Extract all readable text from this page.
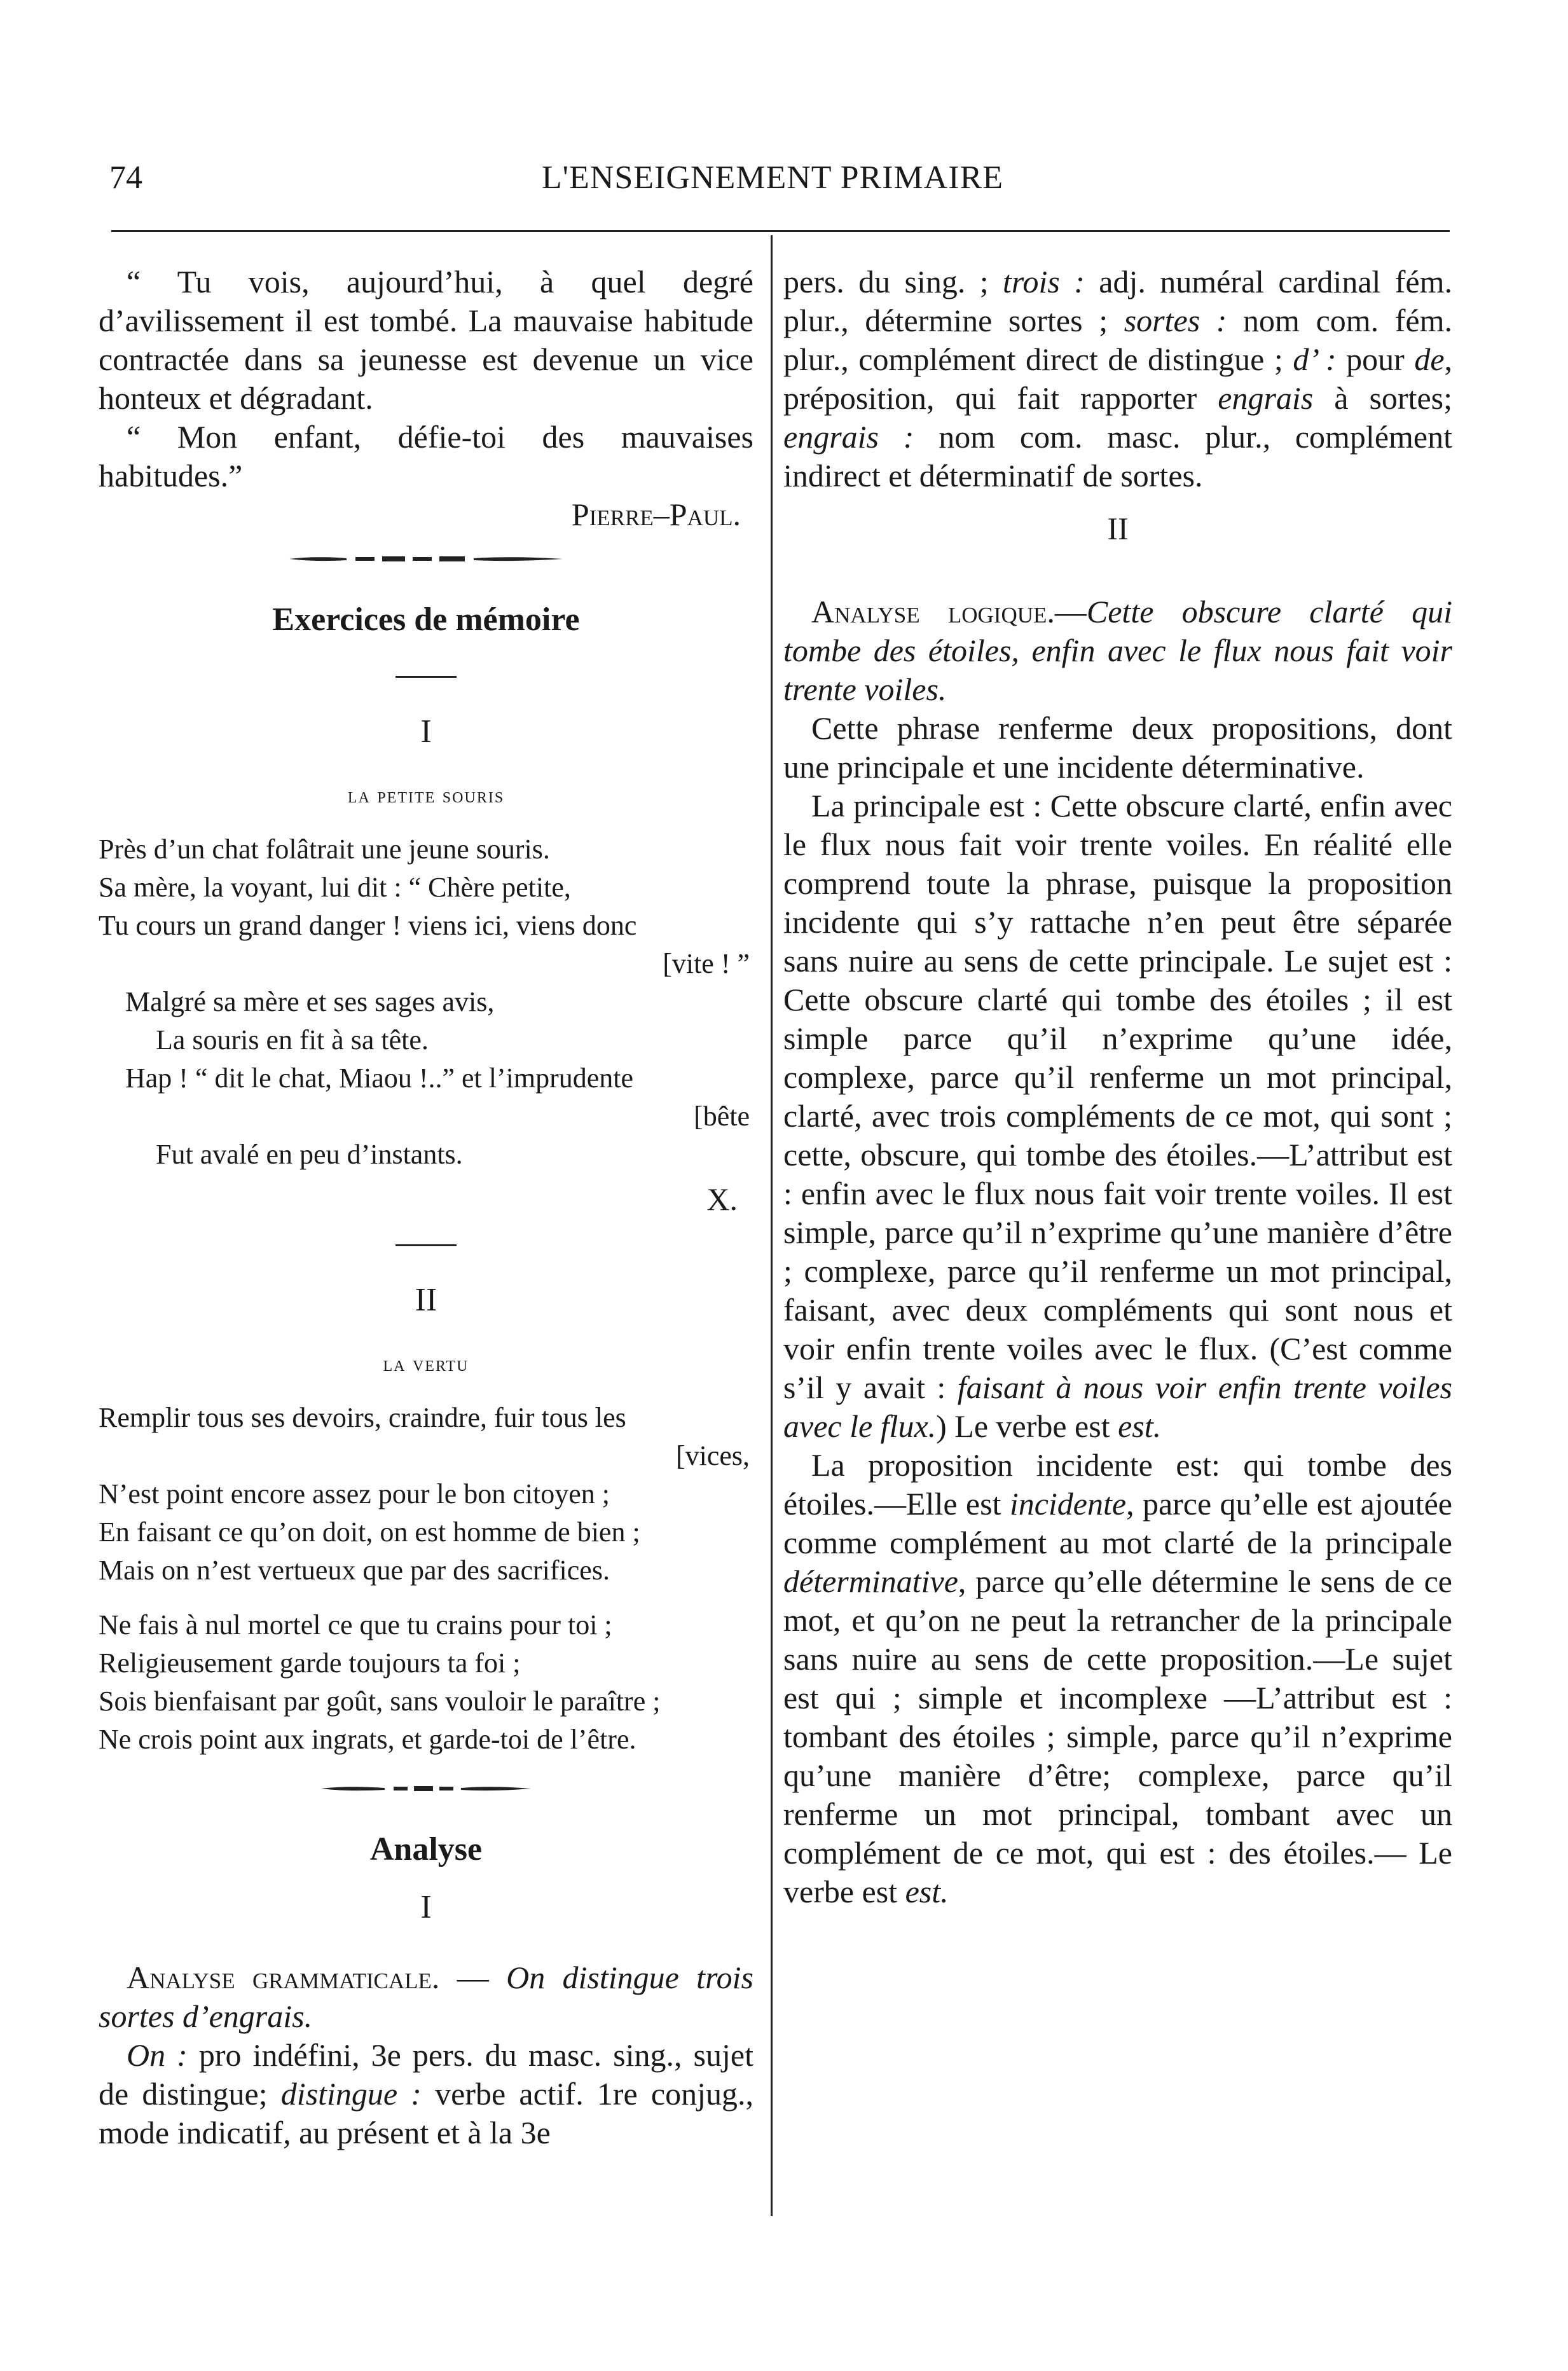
74	L'ENSEIGNEMENT PRIMAIRE

“ Tu vois, aujourd’hui, à quel degré d’avilissement il est tombé. La mauvaise habitude contractée dans sa jeunesse est devenue un vice honteux et dégradant.

“ Mon enfant, défie-toi des mauvaises habitudes.”

Pierre–Paul.

Exercices de mémoire
I
la petite souris

Près d’un chat folâtrait une jeune souris.

Sa mère, la voyant, lui dit : “ Chère petite,

Tu cours un grand danger ! viens ici, viens donc

[vite ! ”

Malgré sa mère et ses sages avis,

La souris en fit à sa tête.

Hap ! “ dit le chat, Miaou !..” et l’imprudente

[bête

Fut avalé en peu d’instants.

X.
II
la vertu

Remplir tous ses devoirs, craindre, fuir tous les

[vices,

N’est point encore assez pour le bon citoyen ;

En faisant ce qu’on doit, on est homme de bien ;

Mais on n’est vertueux que par des sacrifices.

Ne fais à nul mortel ce que tu crains pour toi ;

Religieusement garde toujours ta foi ;

Sois bienfaisant par goût, sans vouloir le paraître ;

Ne crois point aux ingrats, et garde-toi de l’être.

Analyse
I

Analyse grammaticale. — On distingue trois sortes d’engrais.

On : pro indéfini, 3e pers. du masc. sing., sujet de distingue; distingue : verbe actif. 1re conjug., mode indicatif, au présent et à la 3e

pers. du sing. ; trois : adj. numéral cardinal fém. plur., détermine sortes ; sortes : nom com. fém. plur., complément direct de distingue ; d’ : pour de, préposition, qui fait rapporter engrais à sortes; engrais : nom com. masc. plur., complément indirect et déterminatif de sortes.

II

Analyse logique.—Cette obscure clarté qui tombe des étoiles, enfin avec le flux nous fait voir trente voiles.

Cette phrase renferme deux propositions, dont une principale et une incidente déterminative.

La principale est : Cette obscure clarté, enfin avec le flux nous fait voir trente voiles. En réalité elle comprend toute la phrase, puisque la proposition incidente qui s’y rattache n’en peut être séparée sans nuire au sens de cette principale. Le sujet est : Cette obscure clarté qui tombe des étoiles ; il est simple parce qu’il n’exprime qu’une idée, complexe, parce qu’il renferme un mot principal, clarté, avec trois compléments de ce mot, qui sont ; cette, obscure, qui tombe des étoiles.—L’attribut est : enfin avec le flux nous fait voir trente voiles. Il est simple, parce qu’il n’exprime qu’une manière d’être ; complexe, parce qu’il renferme un mot principal, faisant, avec deux compléments qui sont nous et voir enfin trente voiles avec le flux. (C’est comme s’il y avait : faisant à nous voir enfin trente voiles avec le flux.) Le verbe est est.

La proposition incidente est: qui tombe des étoiles.—Elle est incidente, parce qu’elle est ajoutée comme complément au mot clarté de la principale déterminative, parce qu’elle détermine le sens de ce mot, et qu’on ne peut la retrancher de la principale sans nuire au sens de cette proposition.—Le sujet est qui ; simple et incomplexe —L’attribut est : tombant des étoiles ; simple, parce qu’il n’exprime qu’une manière d’être; complexe, parce qu’il renferme un mot principal, tombant avec un complément de ce mot, qui est : des étoiles.— Le verbe est est.
